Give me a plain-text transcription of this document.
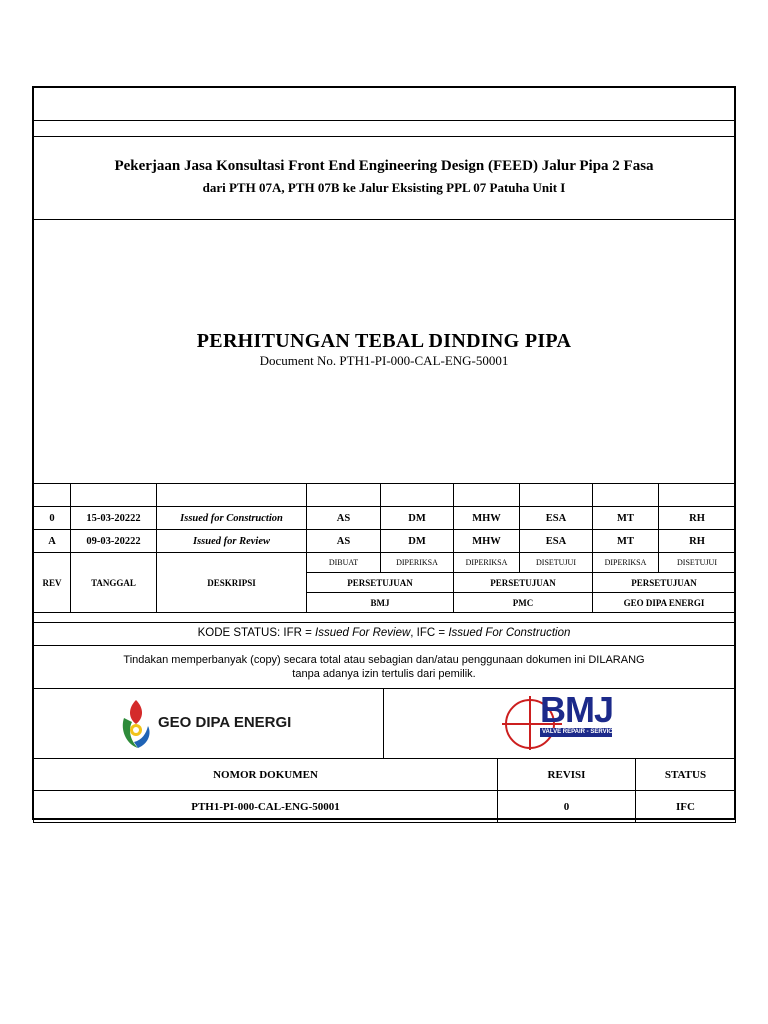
Pekerjaan Jasa Konsultasi Front End Engineering Design (FEED) Jalur Pipa 2 Fasa
dari PTH 07A, PTH 07B ke Jalur Eksisting PPL 07 Patuha Unit I
PERHITUNGAN TEBAL DINDING PIPA
Document No. PTH1-PI-000-CAL-ENG-50001

0	15-03-20222	Issued for Construction	AS	DM	MHW	ESA	MT	RH
A	09-03-20222	Issued for Review	AS	DM	MHW	ESA	MT	RH
REV	TANGGAL	DESKRIPSI	DIBUAT	DIPERIKSA	DIPERIKSA	DISETUJUI	DIPERIKSA	DISETUJUI
			PERSETUJUAN		PERSETUJUAN		PERSETUJUAN	
			BMJ		PMC		GEO DIPA ENERGI	
KODE STATUS: IFR = Issued For Review, IFC = Issued For Construction
Tindakan memperbanyak (copy) secara total atau sebagian dan/atau penggunaan dokumen ini DILARANG
tanpa adanya izin tertulis dari pemilik.
GEO DIPA ENERGI	BMJ
VALVE REPAIR - SERVICE - SUPPLY
NOMOR DOKUMEN	REVISI	STATUS
PTH1-PI-000-CAL-ENG-50001	0	IFC
